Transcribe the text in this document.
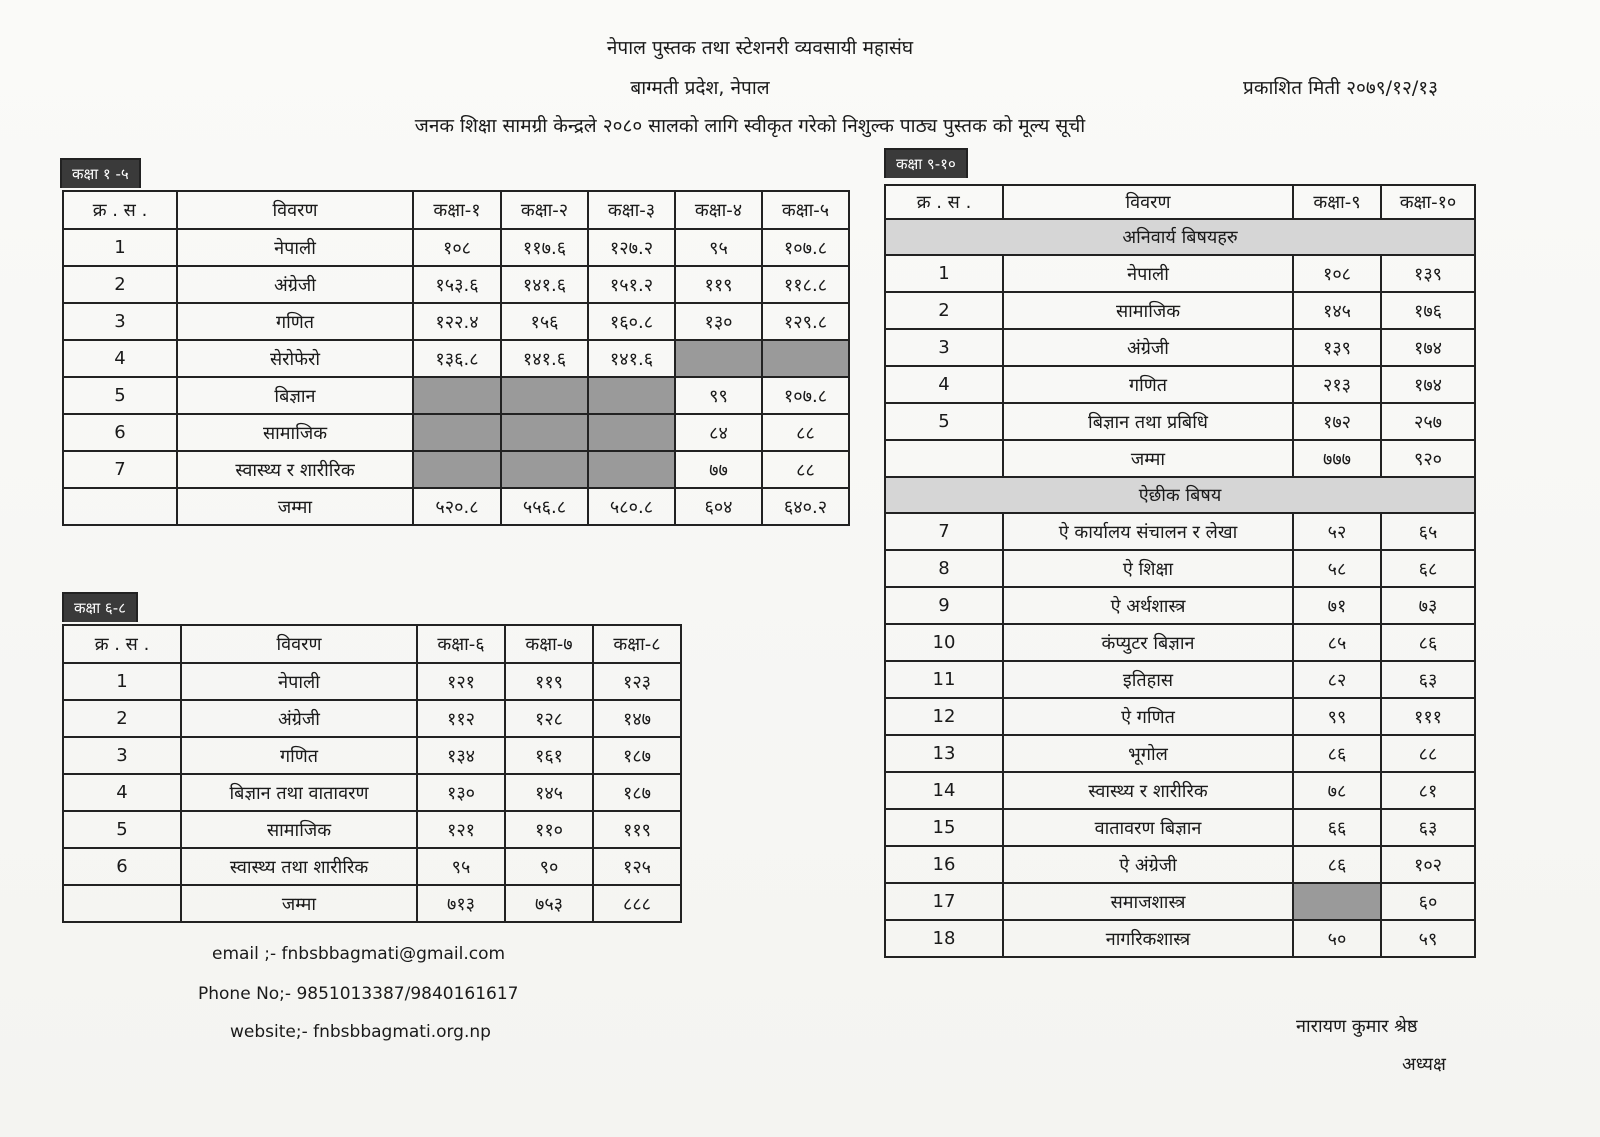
नेपाल पुस्तक तथा स्टेशनरी व्यवसायी महासंघ
बाग्मती प्रदेश, नेपाल	प्रकाशित मिती २०७९/१२/१३
जनक शिक्षा सामग्री केन्द्रले २०८० सालको लागि स्वीकृत गरेको निशुल्क पाठ्य पुस्तक को मूल्य सूची
कक्षा १ -५
क्र . स .	विवरण	कक्षा-१	कक्षा-२	कक्षा-३	कक्षा-४	कक्षा-५
1	नेपाली	१०८	११७.६	१२७.२	९५	१०७.८
2	अंग्रेजी	१५३.६	१४१.६	१५१.२	११९	११८.८
3	गणित	१२२.४	१५६	१६०.८	१३०	१२९.८
4	सेरोफेरो	१३६.८	१४१.६	१४१.६		
5	बिज्ञान				९९	१०७.८
6	सामाजिक				८४	८८
7	स्वास्थ्य र शारीरिक				७७	८८
	जम्मा	५२०.८	५५६.८	५८०.८	६०४	६४०.२
कक्षा ६-८
क्र . स .	विवरण	कक्षा-६	कक्षा-७	कक्षा-८
1	नेपाली	१२१	११९	१२३
2	अंग्रेजी	११२	१२८	१४७
3	गणित	१३४	१६१	१८७
4	बिज्ञान तथा वातावरण	१३०	१४५	१८७
5	सामाजिक	१२१	११०	११९
6	स्वास्थ्य तथा शारीरिक	९५	९०	१२५
	जम्मा	७१३	७५३	८८८
कक्षा ९-१०
क्र . स .	विवरण	कक्षा-९	कक्षा-१०
अनिवार्य बिषयहरु			
1	नेपाली	१०८	१३९
2	सामाजिक	१४५	१७६
3	अंग्रेजी	१३९	१७४
4	गणित	२१३	१७४
5	बिज्ञान तथा प्रबिधि	१७२	२५७
	जम्मा	७७७	९२०
ऐछीक बिषय			
7	ऐ कार्यालय संचालन र लेखा	५२	६५
8	ऐ शिक्षा	५८	६८
9	ऐ अर्थशास्त्र	७१	७३
10	कंप्युटर बिज्ञान	८५	८६
11	इतिहास	८२	६३
12	ऐ गणित	९९	१११
13	भूगोल	८६	८८
14	स्वास्थ्य र शारीरिक	७८	८१
15	वातावरण बिज्ञान	६६	६३
16	ऐ अंग्रेजी	८६	१०२
17	समाजशास्त्र		६०
18	नागरिकशास्त्र	५०	५९
email ;- fnbsbbagmati@gmail.com
Phone No;- 9851013387/9840161617
website;- fnbsbbagmati.org.np	नारायण कुमार श्रेष्ठ
अध्यक्ष
